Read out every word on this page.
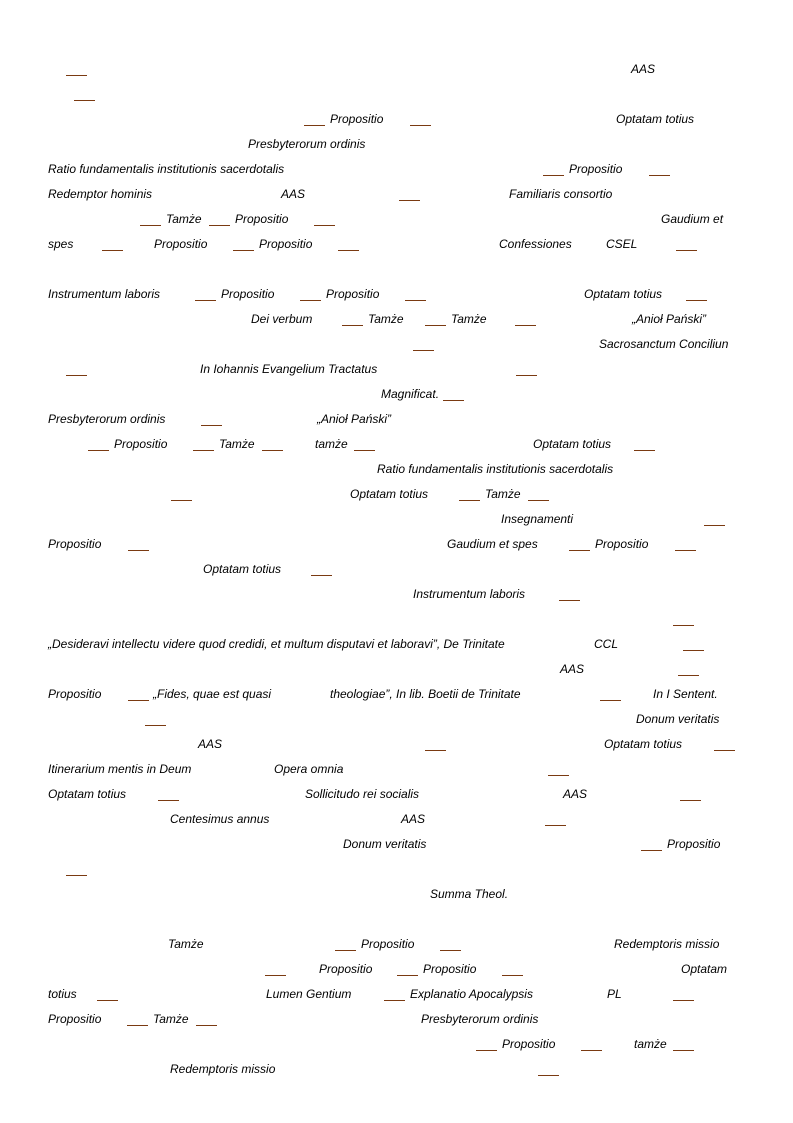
AAS
Propositio	Optatam totius
Presbyterorum ordinis
Ratio fundamentalis institutionis sacerdotalis	Propositio
Redemptor hominis	AAS	Familiaris consortio
Tamże	Propositio	Gaudium et
spes	Propositio	Propositio	Confessiones	CSEL
Instrumentum laboris	Propositio	Propositio	Optatam totius
Dei verbum	Tamże	Tamże	„Anioł Pański”
Sacrosanctum Conciliun
In Iohannis Evangelium Tractatus
Magnificat.
Presbyterorum ordinis	„Anioł Pański”
Propositio	Tamże	tamże	Optatam totius
Ratio fundamentalis institutionis sacerdotalis
Optatam totius	Tamże
Insegnamenti
Propositio	Gaudium et spes	Propositio
Optatam totius
Instrumentum laboris
„Desideravi intellectu videre quod credidi, et multum disputavi et laboravi”, De Trinitate	CCL
AAS
Propositio	„Fides, quae est quasi	theologiae”, In lib. Boetii de Trinitate	In I Sentent.
Donum veritatis
AAS	Optatam totius
Itinerarium mentis in Deum	Opera omnia
Optatam totius	Sollicitudo rei socialis	AAS
Centesimus annus	AAS
Donum veritatis	Propositio
Summa Theol.
Tamże	Propositio	Redemptoris missio
Propositio	Propositio	Optatam
totius	Lumen Gentium	Explanatio Apocalypsis	PL
Propositio	Tamże	Presbyterorum ordinis
Propositio	tamże
Redemptoris missio
